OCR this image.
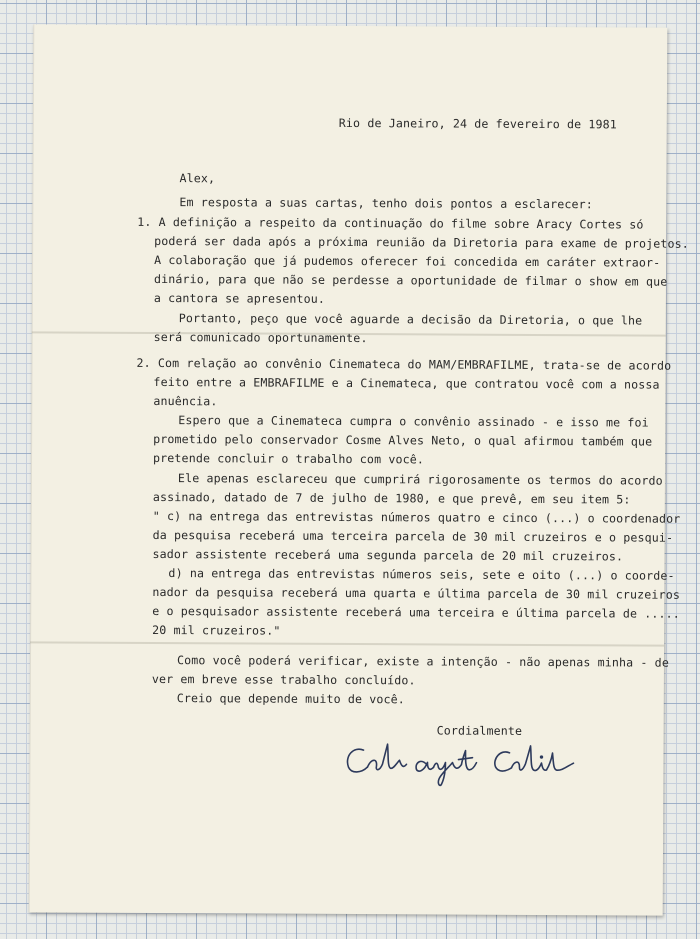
Rio de Janeiro, 24 de fevereiro de 1981

Alex,

Em resposta a suas cartas, tenho dois pontos a esclarecer:

1. A definição a respeito da continuação do filme sobre Aracy Cortes só

poderá ser dada após a próxima reunião da Diretoria para exame de projetos.

A colaboração que já pudemos oferecer foi concedida em caráter extraor-

dinário, para que não se perdesse a oportunidade de filmar o show em que

a cantora se apresentou.

Portanto, peço que você aguarde a decisão da Diretoria, o que lhe

será comunicado oportunamente.

2. Com relação ao convênio Cinemateca do MAM/EMBRAFILME, trata-se de acordo

feito entre a EMBRAFILME e a Cinemateca, que contratou você com a nossa

anuência.

Espero que a Cinemateca cumpra o convênio assinado - e isso me foi

prometido pelo conservador Cosme Alves Neto, o qual afirmou também que

pretende concluir o trabalho com você.

Ele apenas esclareceu que cumprirá rigorosamente os termos do acordo

assinado, datado de 7 de julho de 1980, e que prevê, em seu item 5:

" c) na entrega das entrevistas números quatro e cinco (...) o coordenador

da pesquisa receberá uma terceira parcela de 30 mil cruzeiros e o pesqui-

sador assistente receberá uma segunda parcela de 20 mil cruzeiros.

d) na entrega das entrevistas números seis, sete e oito (...) o coorde-

nador da pesquisa receberá uma quarta e última parcela de 30 mil cruzeiros

e o pesquisador assistente receberá uma terceira e última parcela de .....

20 mil cruzeiros."

Como você poderá verificar, existe a intenção - não apenas minha - de

ver em breve esse trabalho concluído.

Creio que depende muito de você.

Cordialmente
